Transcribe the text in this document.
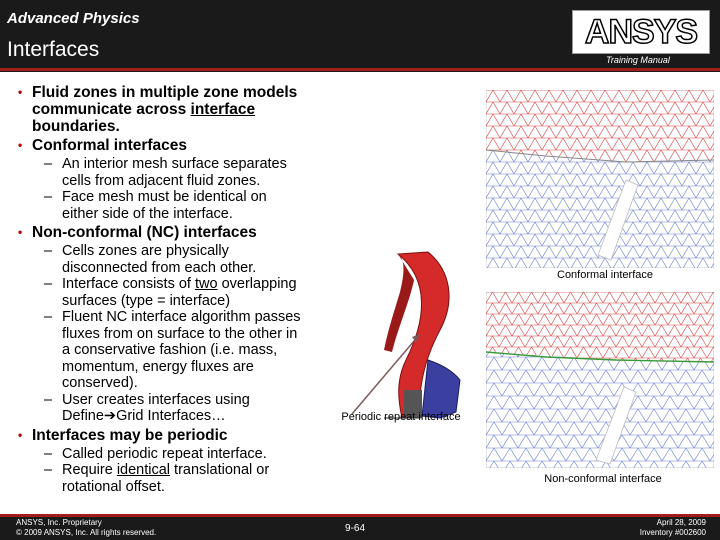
Advanced Physics
Interfaces	ANSYS
Training Manual
• Fluid zones in multiple zone models
communicate across interface
boundaries.
• Conformal interfaces
– An interior mesh surface separates
cells from adjacent fluid zones.
– Face mesh must be identical on
either side of the interface.
• Non-conformal (NC) interfaces
– Cells zones are physically
disconnected from each other.
– Interface consists of two overlapping
surfaces (type = interface)
– Fluent NC interface algorithm passes
fluxes from on surface to the other in
a conservative fashion (i.e. mass,
momentum, energy fluxes are
conserved).
– User creates interfaces using
Define➔Grid Interfaces…
• Interfaces may be periodic
– Called periodic repeat interface.
– Require identical translational or
rotational offset.
Conformal interface
Non-conformal interface
Periodic repeat interface
ANSYS, Inc. Proprietary
© 2009 ANSYS, Inc. All rights reserved.	9-64
April 28, 2009
Inventory #002600
